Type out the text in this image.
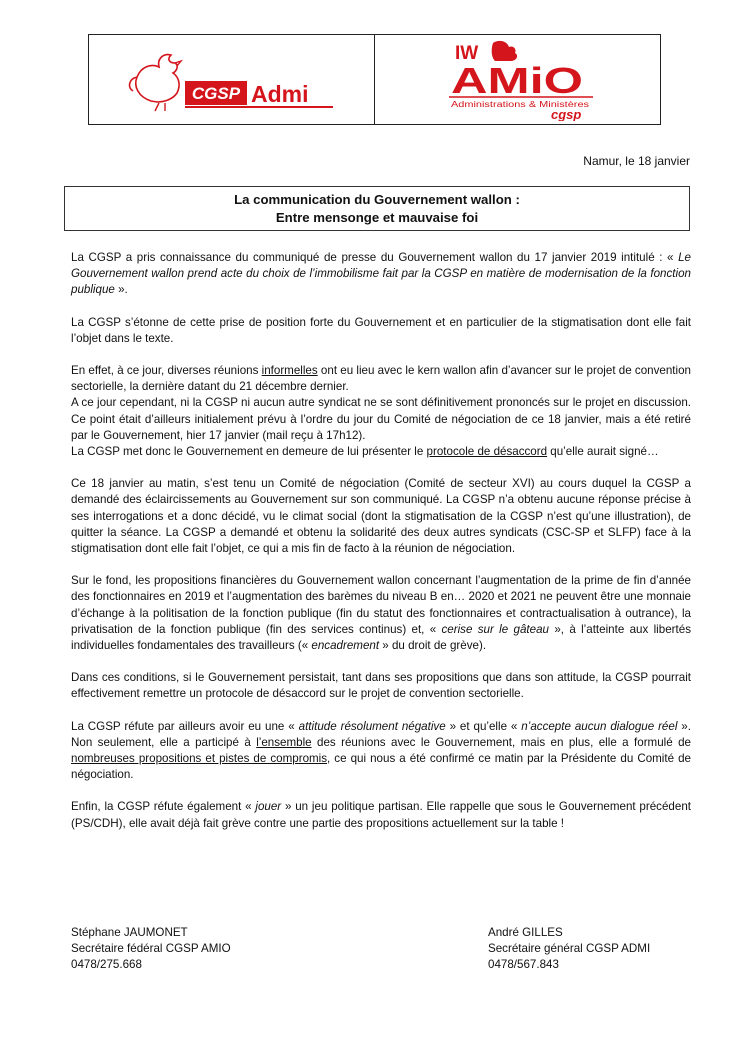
CGSP Admi
IW
AMiO
Administrations & Ministères
cgsp
Namur, le 18 janvier
La communication du Gouvernement wallon :
Entre mensonge et mauvaise foi

La CGSP a pris connaissance du communiqué de presse du Gouvernement wallon du 17 janvier 2019 intitulé : « Le Gouvernement wallon prend acte du choix de l’immobilisme fait par la CGSP en matière de modernisation de la fonction publique ».

La CGSP s’étonne de cette prise de position forte du Gouvernement et en particulier de la stigmatisation dont elle fait l’objet dans le texte.

En effet, à ce jour, diverses réunions informelles ont eu lieu avec le kern wallon afin d’avancer sur le projet de convention sectorielle, la dernière datant du 21 décembre dernier.

A ce jour cependant, ni la CGSP ni aucun autre syndicat ne se sont définitivement prononcés sur le projet en discussion. Ce point était d’ailleurs initialement prévu à l’ordre du jour du Comité de négociation de ce 18 janvier, mais a été retiré par le Gouvernement, hier 17 janvier (mail reçu à 17h12).

La CGSP met donc le Gouvernement en demeure de lui présenter le protocole de désaccord qu’elle aurait signé…

Ce 18 janvier au matin, s’est tenu un Comité de négociation (Comité de secteur XVI) au cours duquel la CGSP a demandé des éclaircissements au Gouvernement sur son communiqué. La CGSP n’a obtenu aucune réponse précise à ses interrogations et a donc décidé, vu le climat social (dont la stigmatisation de la CGSP n’est qu’une illustration), de quitter la séance. La CGSP a demandé et obtenu la solidarité des deux autres syndicats (CSC-SP et SLFP) face à la stigmatisation dont elle fait l’objet, ce qui a mis fin de facto à la réunion de négociation.

Sur le fond, les propositions financières du Gouvernement wallon concernant l’augmentation de la prime de fin d’année des fonctionnaires en 2019 et l’augmentation des barèmes du niveau B en… 2020 et 2021 ne peuvent être une monnaie d’échange à la politisation de la fonction publique (fin du statut des fonctionnaires et contractualisation à outrance), la privatisation de la fonction publique (fin des services continus) et, « cerise sur le gâteau », à l’atteinte aux libertés individuelles fondamentales des travailleurs (« encadrement » du droit de grève).

Dans ces conditions, si le Gouvernement persistait, tant dans ses propositions que dans son attitude, la CGSP pourrait effectivement remettre un protocole de désaccord sur le projet de convention sectorielle.

La CGSP réfute par ailleurs avoir eu une « attitude résolument négative » et qu’elle « n’accepte aucun dialogue réel ». Non seulement, elle a participé à l’ensemble des réunions avec le Gouvernement, mais en plus, elle a formulé de nombreuses propositions et pistes de compromis, ce qui nous a été confirmé ce matin par la Présidente du Comité de négociation.

Enfin, la CGSP réfute également « jouer » un jeu politique partisan. Elle rappelle que sous le Gouvernement précédent (PS/CDH), elle avait déjà fait grève contre une partie des propositions actuellement sur la table !

Stéphane JAUMONET
Secrétaire fédéral CGSP AMIO
0478/275.668
André GILLES
Secrétaire général CGSP ADMI
0478/567.843
